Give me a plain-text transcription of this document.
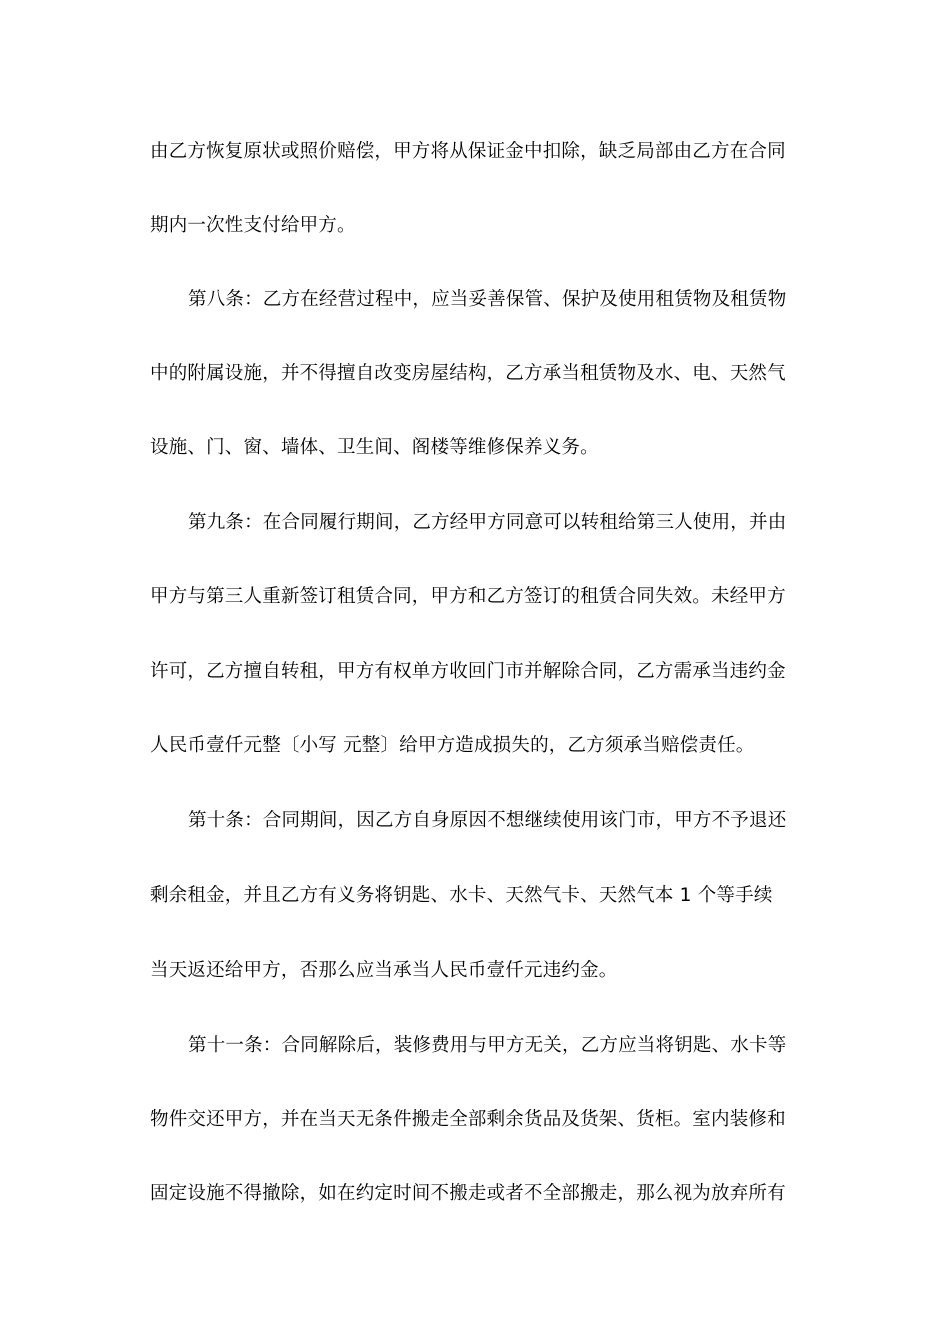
由乙方恢复原状或照价赔偿，甲方将从保证金中扣除，缺乏局部由乙方在合同
期内一次性支付给甲方。
第八条：乙方在经营过程中，应当妥善保管、保护及使用租赁物及租赁物
中的附属设施，并不得擅自改变房屋结构，乙方承当租赁物及水、电、天然气
设施、门、窗、墙体、卫生间、阁楼等维修保养义务。
第九条：在合同履行期间，乙方经甲方同意可以转租给第三人使用，并由
甲方与第三人重新签订租赁合同，甲方和乙方签订的租赁合同失效。未经甲方
许可，乙方擅自转租，甲方有权单方收回门市并解除合同，乙方需承当违约金
人民币壹仟元整〔小写 元整〕给甲方造成损失的，乙方须承当赔偿责任。
第十条：合同期间，因乙方自身原因不想继续使用该门市，甲方不予退还
剩余租金，并且乙方有义务将钥匙、水卡、天然气卡、天然气本 1 个等手续
当天返还给甲方，否那么应当承当人民币壹仟元违约金。
第十一条：合同解除后，装修费用与甲方无关，乙方应当将钥匙、水卡等
物件交还甲方，并在当天无条件搬走全部剩余货品及货架、货柜。室内装修和
固定设施不得撤除，如在约定时间不搬走或者不全部搬走，那么视为放弃所有
